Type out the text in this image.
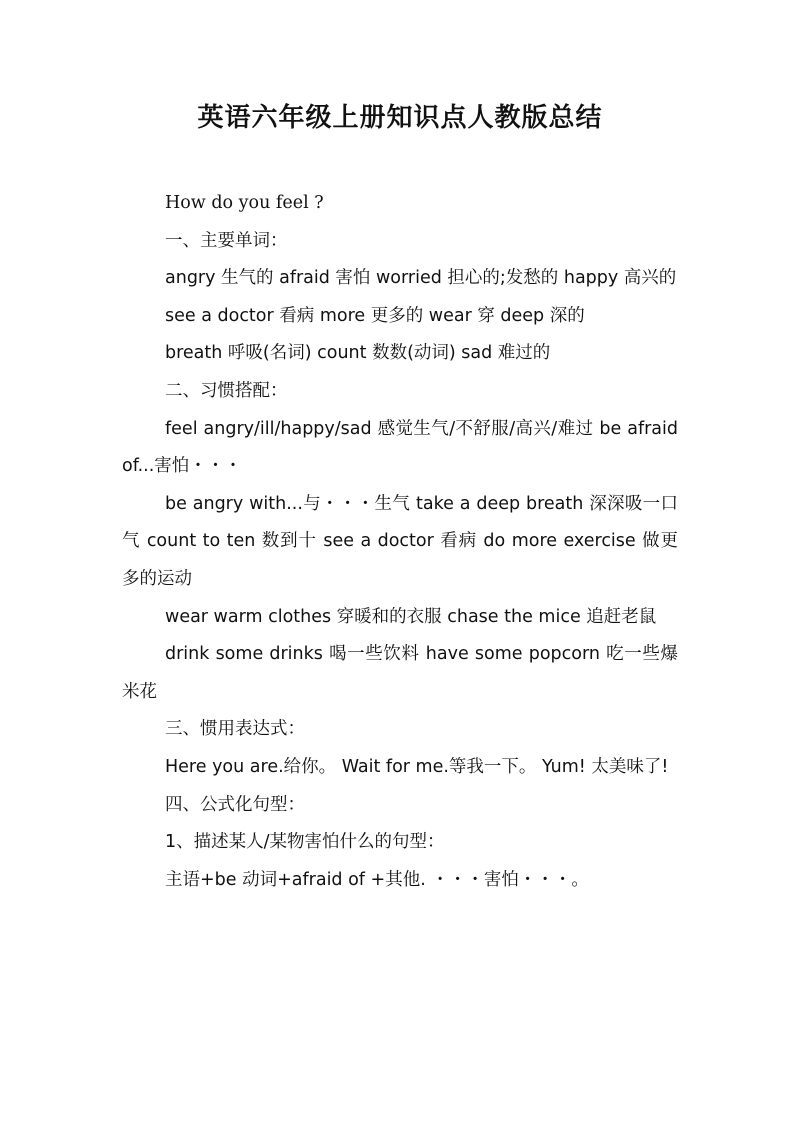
英语六年级上册知识点人教版总结

How do you feel ?

一、主要单词：

angry 生气的 afraid 害怕 worried 担心的;发愁的 happy 高兴的

see a doctor 看病 more 更多的 wear 穿 deep 深的

breath 呼吸(名词) count 数数(动词) sad 难过的

二、习惯搭配：

feel angry/ill/happy/sad 感觉生气/不舒服/高兴/难过 be afraid of...害怕・・・

be angry with...与・・・生气 take a deep breath 深深吸一口气 count to ten 数到十 see a doctor 看病 do more exercise 做更多的运动

wear warm clothes 穿暖和的衣服 chase the mice 追赶老鼠

drink some drinks 喝一些饮料 have some popcorn 吃一些爆米花

三、惯用表达式：

Here you are.给你。 Wait for me.等我一下。 Yum! 太美味了!

四、公式化句型：

1、描述某人/某物害怕什么的句型：

主语+be 动词+afraid of +其他. ・・・害怕・・・。
